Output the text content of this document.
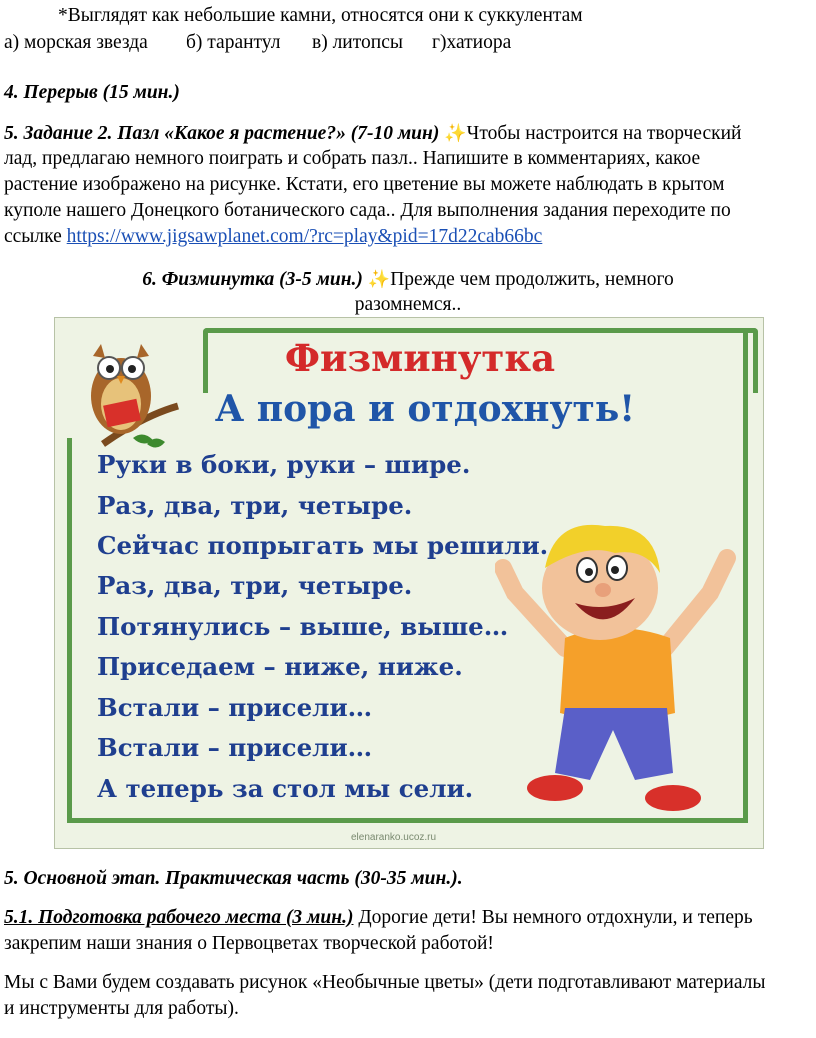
*Выглядят как небольшие камни, относятся они к суккулентам
а) морская звезда б) тарантул в) литопсы г)хатиора
4. Перерыв (15 мин.)
5. Задание 2. Пазл «Какое я растение?» (7-10 мин) ✨Чтобы настроится на творческий
лад, предлагаю немного поиграть и собрать пазл.. Напишите в комментариях, какое
растение изображено на рисунке. Кстати, его цветение вы можете наблюдать в крытом
куполе нашего Донецкого ботанического сада.. Для выполнения задания переходите по
ссылке https://www.jigsawplanet.com/?rc=play&pid=17d22cab66bc
6. Физминутка (3-5 мин.) ✨Прежде чем продолжить, немного
разомнемся..
Физминутка
А пора и отдохнуть!
Руки в боки, руки – шире.
Раз, два, три, четыре.
Сейчас попрыгать мы решили.
Раз, два, три, четыре.
Потянулись – выше, выше…
Приседаем – ниже, ниже.
Встали – присели…
Встали – присели…
А теперь за стол мы сели.
elenaranko.ucoz.ru
5. Основной этап. Практическая часть (30-35 мин.).
5.1. Подготовка рабочего места (3 мин.) Дорогие дети! Вы немного отдохнули, и теперь
закрепим наши знания о Первоцветах творческой работой!
Мы с Вами будем создавать рисунок «Необычные цветы» (дети подготавливают материалы
и инструменты для работы).
